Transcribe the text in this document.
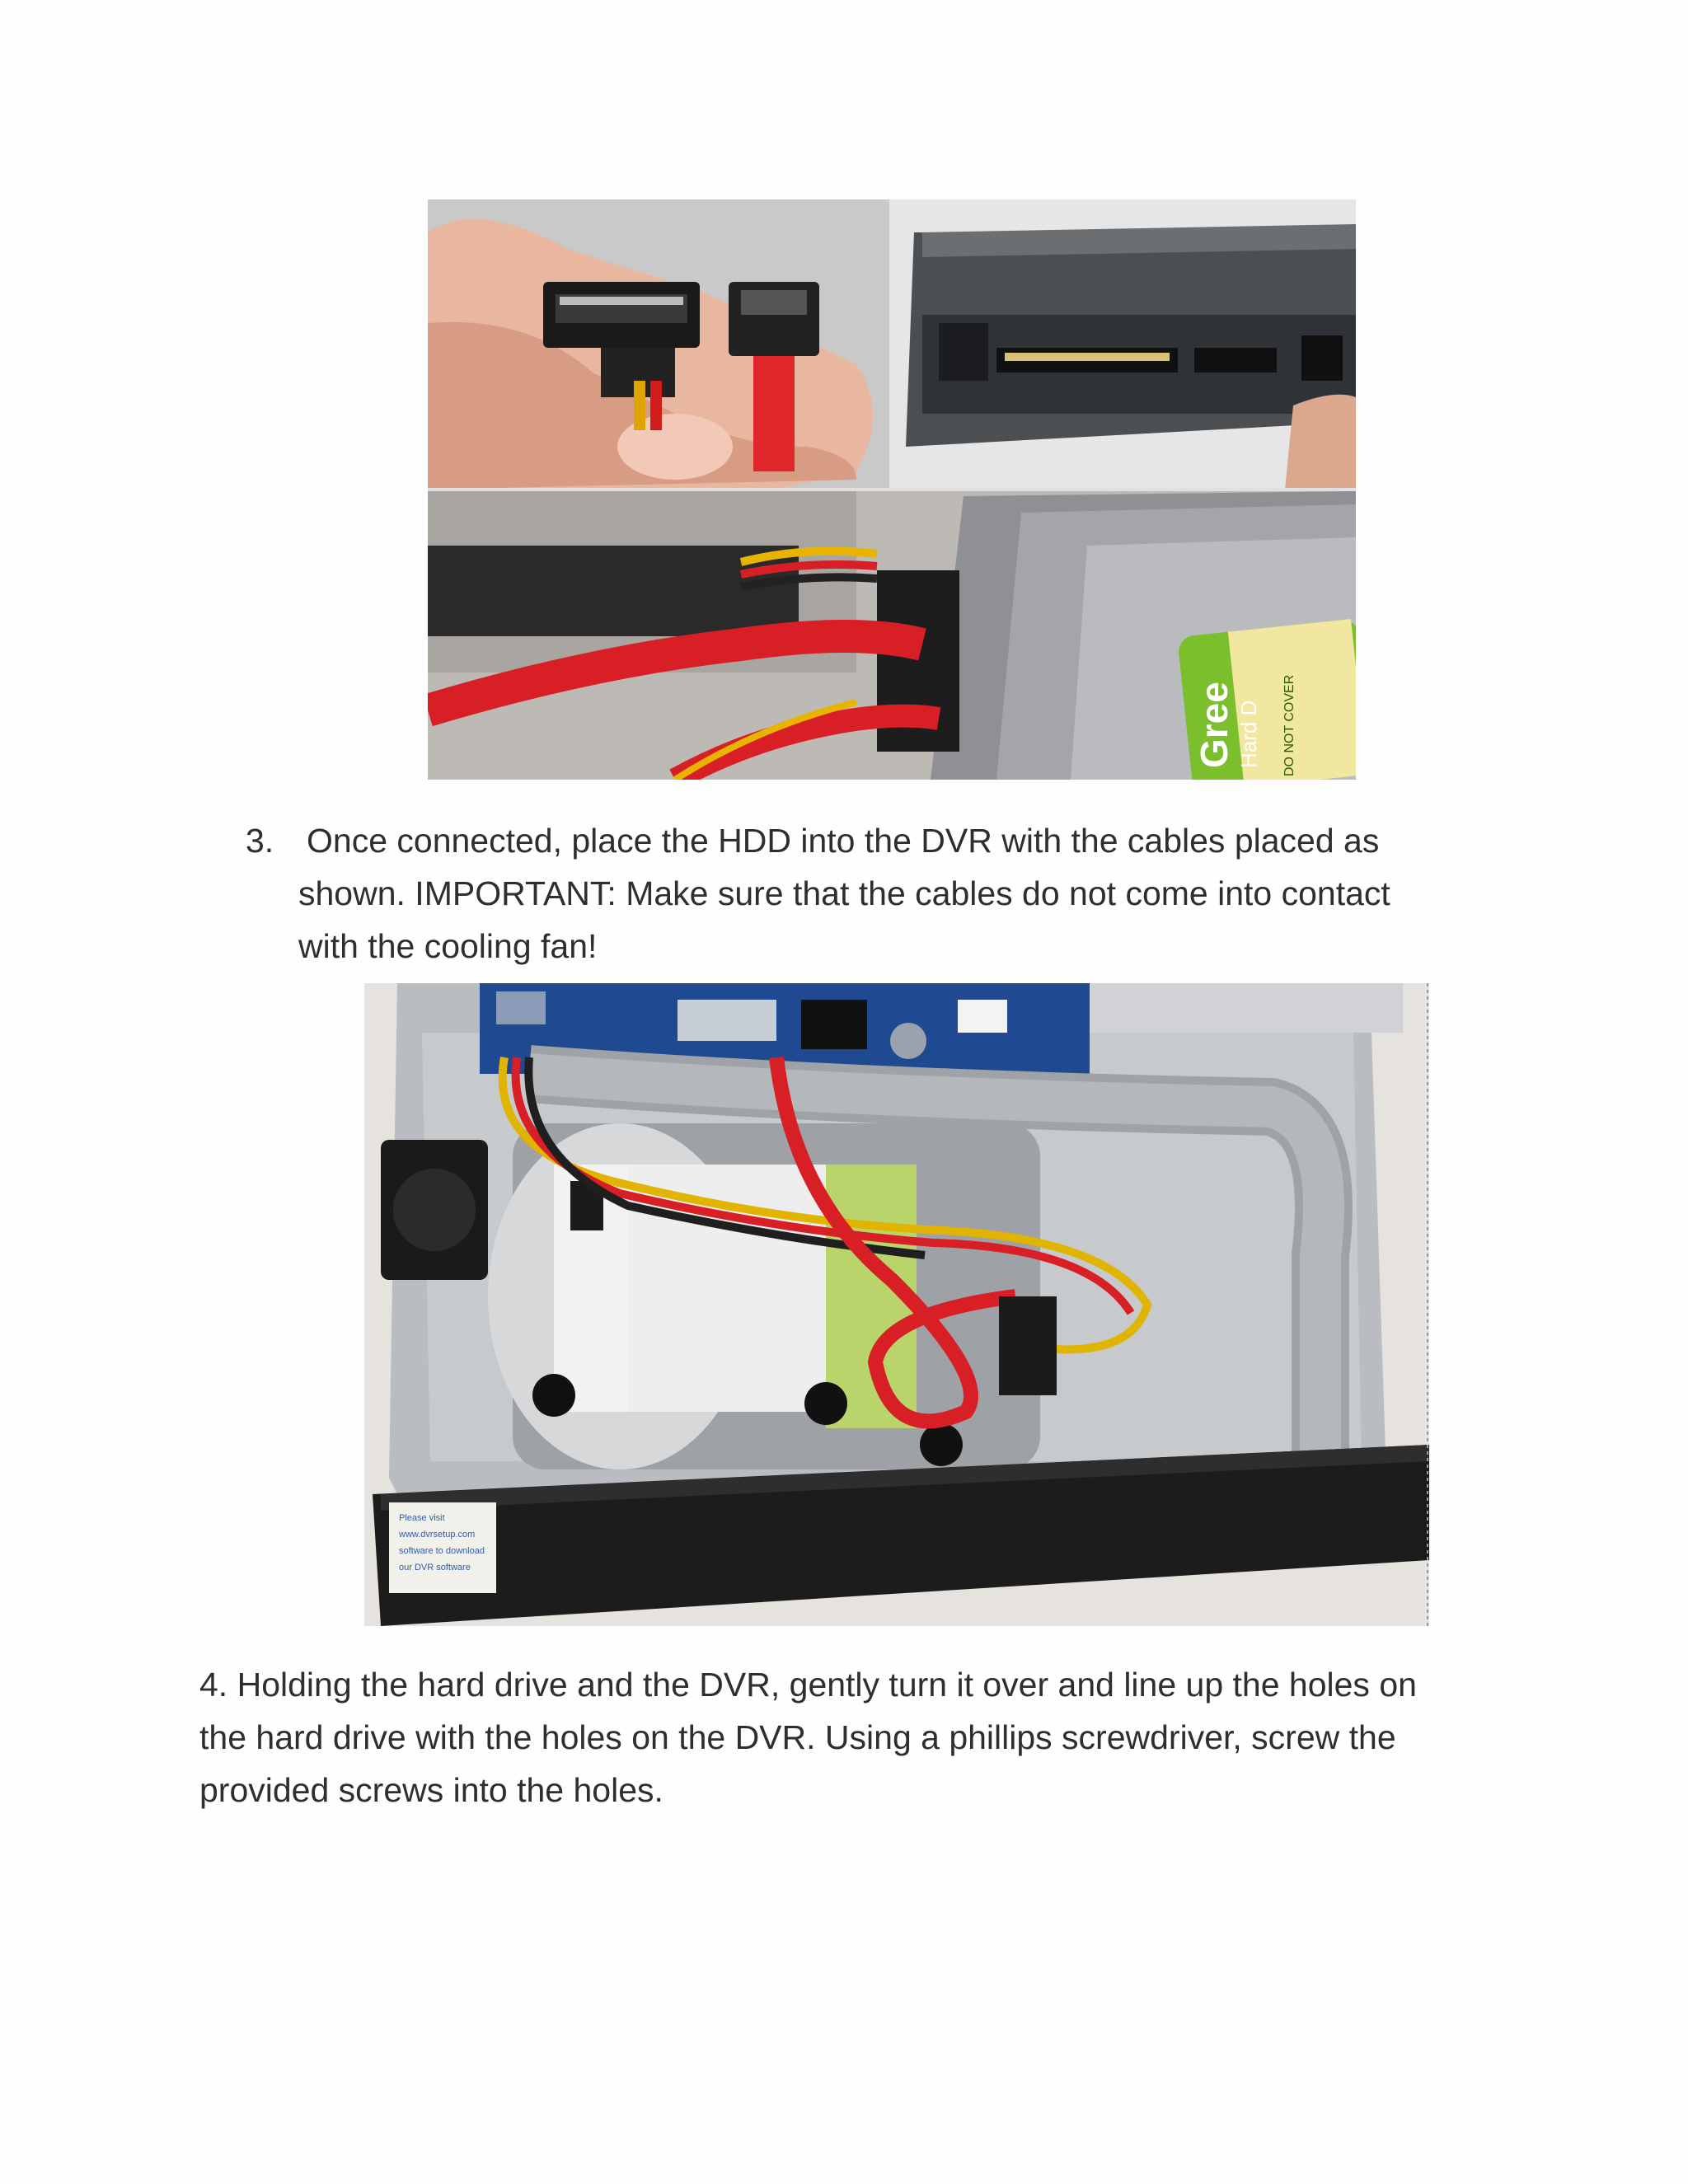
Gree Hard D DO NOT COVER
3. Once connected, place the HDD into the DVR with the cables placed as
shown. IMPORTANT: Make sure that the cables do not come into contact
with the cooling fan!
Please visit
www.dvrsetup.com
software to download
our DVR software
4. Holding the hard drive and the DVR, gently turn it over and line up the holes on
the hard drive with the holes on the DVR. Using a phillips screwdriver, screw the
provided screws into the holes.
